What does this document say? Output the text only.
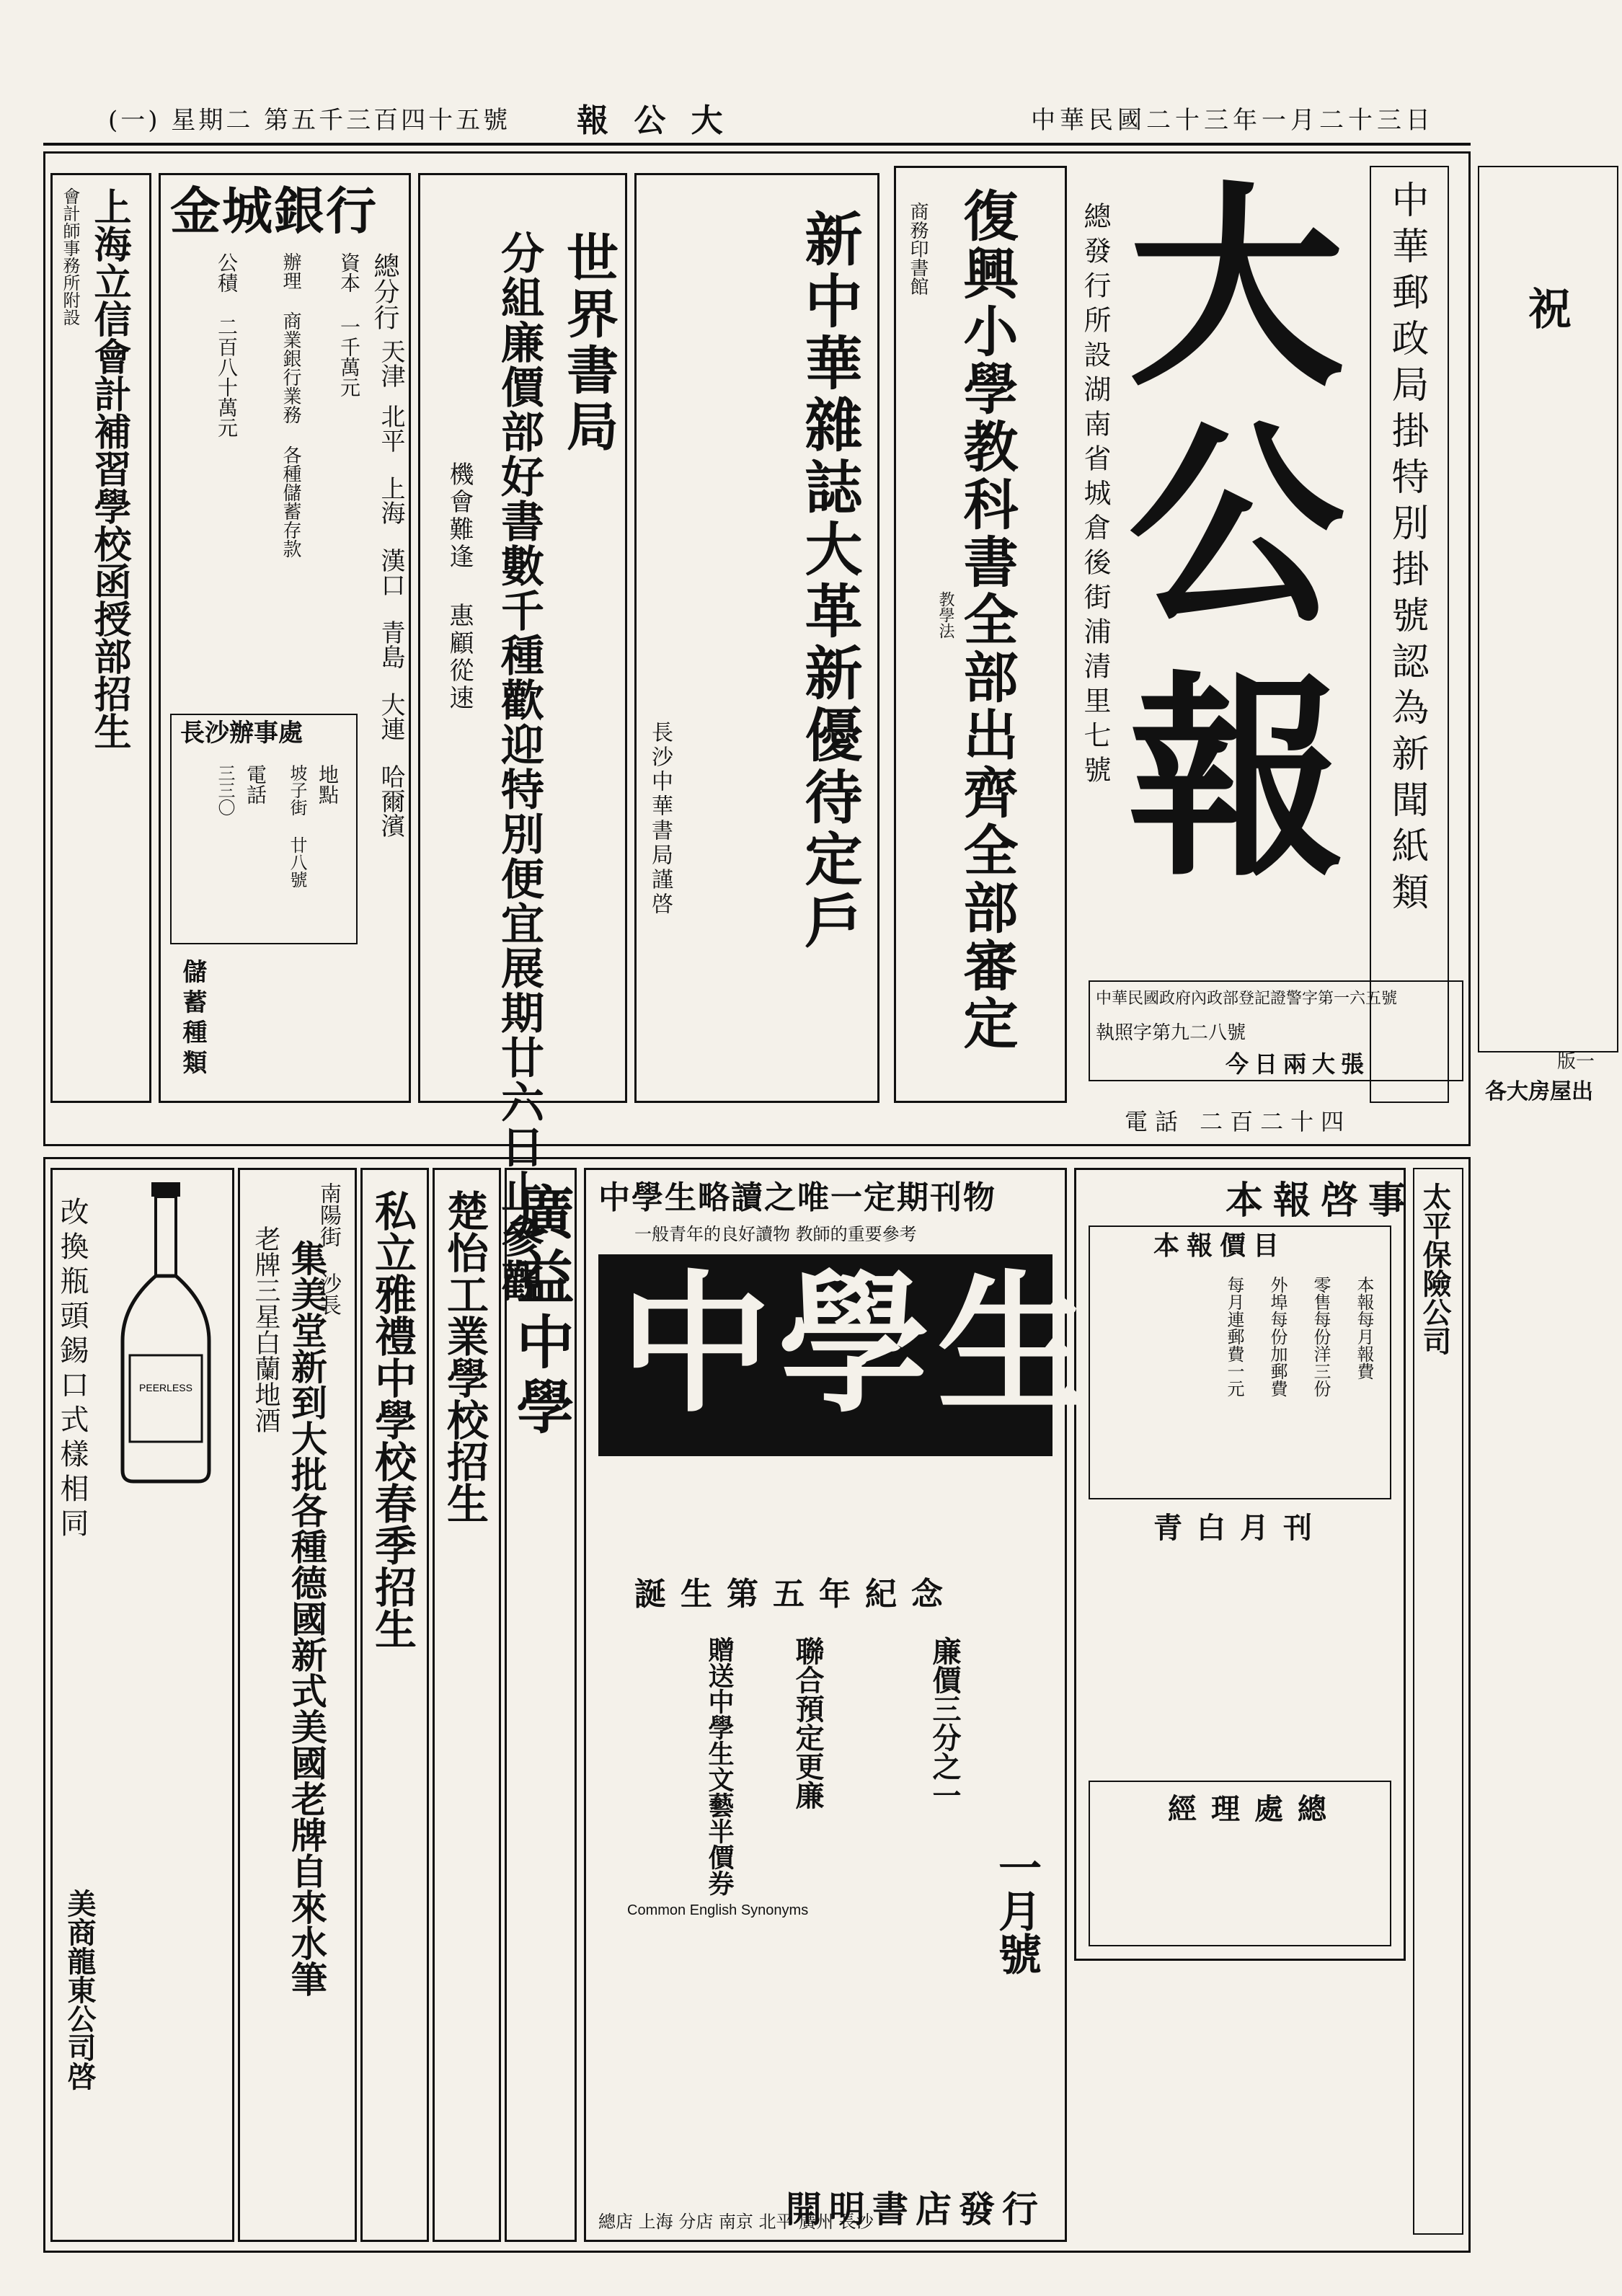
(一) 星期二 第五千三百四十五號 報 公 大	中華民國二十三年一月二十三日
中華郵政局掛特別掛號認為新聞紙類
大
公
報
總發行所設湖南省城倉後街浦清里七號
中華民國政府內政部登記證警字第一六五號
執照字第九二八號
今日兩大張
電話 二百二十四
復興小學教科書全部出齊全部審定
教學法
商務印書館
新中華雜誌大革新優待定戶
長沙中華書局謹啓
世界書局
分組廉價部好書數千種歡迎特別便宜展期廿六日止參觀
機會難逢 惠顧從速
金城銀行
總分行
資本 一千萬元
辦理 商業銀行業務 各種儲蓄存款
公積 二百八十萬元	天津
北平
上海
漢口
青島
大連
哈爾濱
長沙辦事處
地點
坡子街 廿八號
電話
三三〇
儲蓄種類
上海立信會計補習學校函授部招生
會計師事務所附設
太平保險公司
本報啓事
本報價目
本報每月報費
零售每份洋三份
外埠每份加郵費
每月連郵費一元
青白月刊
經理處總
中學生略讀之唯一定期刊物
一般青年的良好讀物 教師的重要參考
中學生
誕生第五年紀念
廉價三分之一
聯合預定更廉
贈送中學生文藝半價券
一月號
Common English Synonyms
開明書店發行
總店 上海 分店 南京 北平 廣州 長沙
廣益中學
楚怡工業學校招生
私立雅禮中學校春季招生
南陽街 沙長
集美堂新到大批各種德國新式美國老牌自來水筆
老牌三星白蘭地酒
改換瓶頭錫口式樣相同	PEERLESS
美商龍東公司啓
祝
各大房屋出
版一
